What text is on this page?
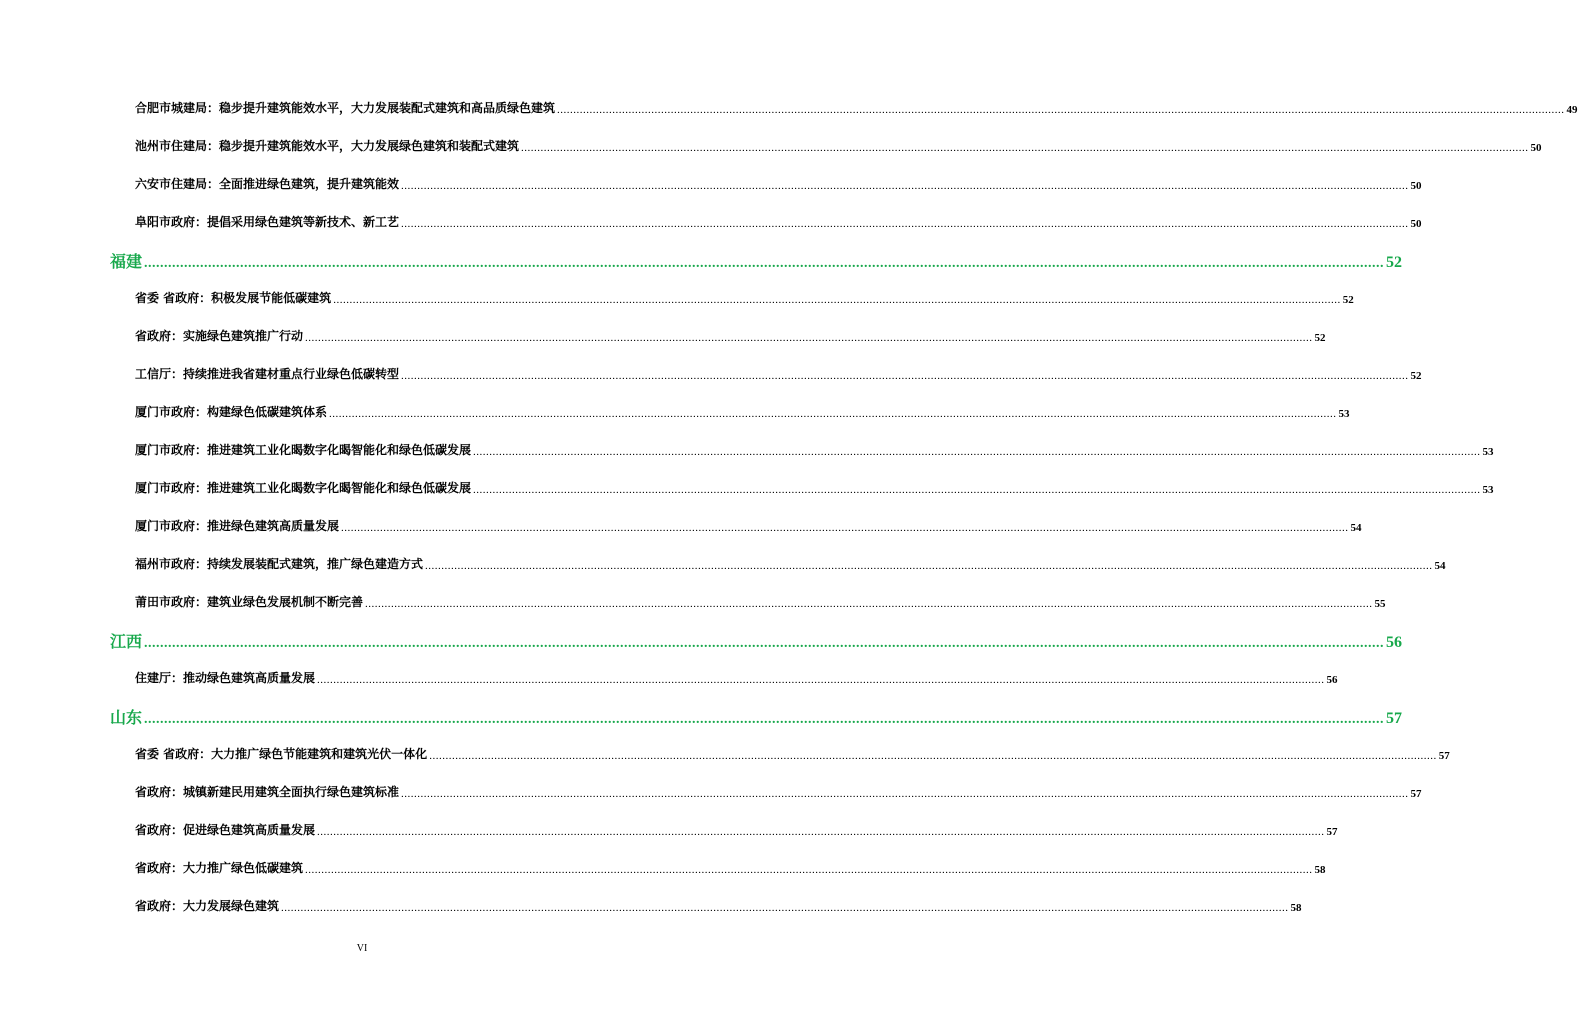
合肥市城建局：稳步提升建筑能效水平，大力发展装配式建筑和高品质绿色建筑 ...................................................................................................................................................................................................................................................................................................................... 49
池州市住建局：稳步提升建筑能效水平，大力发展绿色建筑和装配式建筑 ...................................................................................................................................................................................................................................................................................................................... 50
六安市住建局：全面推进绿色建筑，提升建筑能效 ...................................................................................................................................................................................................................................................................................................................... 50
阜阳市政府：提倡采用绿色建筑等新技术、新工艺 ...................................................................................................................................................................................................................................................................................................................... 50
福建 ...................................................................................................................................................................................................................................................................................................................... 52
省委 省政府：积极发展节能低碳建筑 ...................................................................................................................................................................................................................................................................................................................... 52
省政府：实施绿色建筑推广行动 ...................................................................................................................................................................................................................................................................................................................... 52
工信厅：持续推进我省建材重点行业绿色低碳转型 ...................................................................................................................................................................................................................................................................................................................... 52
厦门市政府：构建绿色低碳建筑体系 ...................................................................................................................................................................................................................................................................................................................... 53
厦门市政府：推进建筑工业化暍数字化暍智能化和绿色低碳发展 ...................................................................................................................................................................................................................................................................................................................... 53
厦门市政府：推进建筑工业化暍数字化暍智能化和绿色低碳发展 ...................................................................................................................................................................................................................................................................................................................... 53
厦门市政府：推进绿色建筑高质量发展 ...................................................................................................................................................................................................................................................................................................................... 54
福州市政府：持续发展装配式建筑，推广绿色建造方式 ...................................................................................................................................................................................................................................................................................................................... 54
莆田市政府：建筑业绿色发展机制不断完善 ...................................................................................................................................................................................................................................................................................................................... 55
江西 ...................................................................................................................................................................................................................................................................................................................... 56
住建厅：推动绿色建筑高质量发展 ...................................................................................................................................................................................................................................................................................................................... 56
山东 ...................................................................................................................................................................................................................................................................................................................... 57
省委 省政府：大力推广绿色节能建筑和建筑光伏一体化 ...................................................................................................................................................................................................................................................................................................................... 57
省政府：城镇新建民用建筑全面执行绿色建筑标准 ...................................................................................................................................................................................................................................................................................................................... 57
省政府：促进绿色建筑高质量发展 ...................................................................................................................................................................................................................................................................................................................... 57
省政府：大力推广绿色低碳建筑 ...................................................................................................................................................................................................................................................................................................................... 58
省政府：大力发展绿色建筑 ...................................................................................................................................................................................................................................................................................................................... 58
VI
